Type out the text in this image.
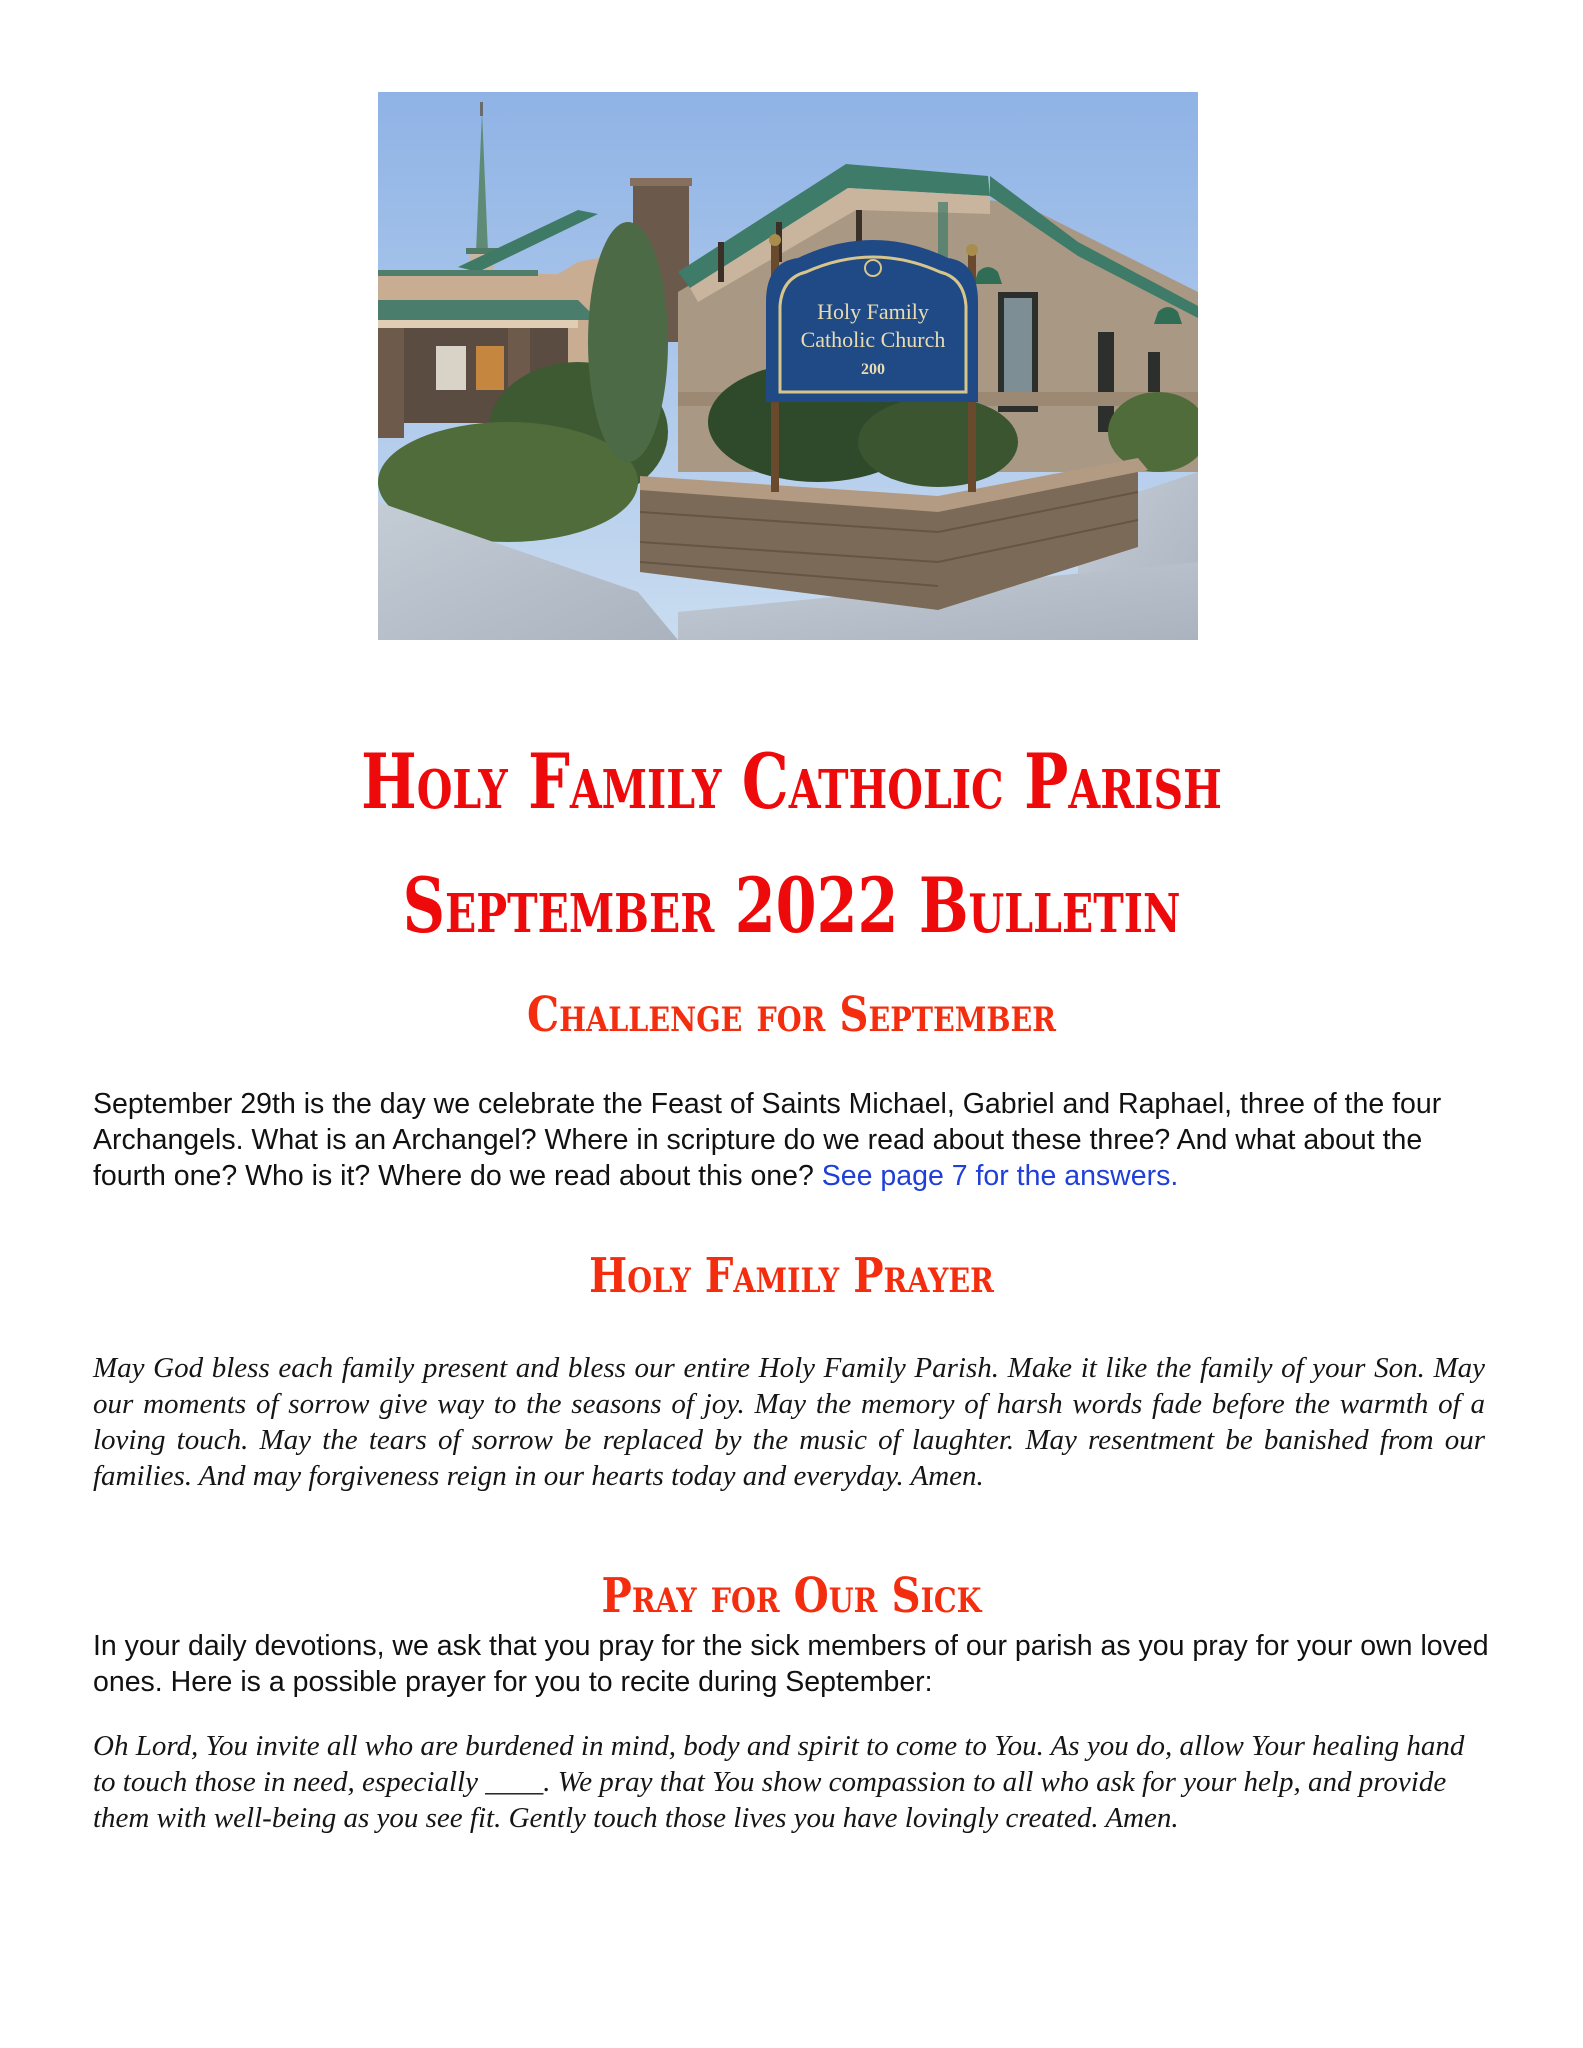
Holy Family
Catholic Church
200
Holy Family Catholic Parish
September 2022 Bulletin
Challenge for September

September 29th is the day we celebrate the Feast of Saints Michael, Gabriel and Raphael, three of the four Archangels. What is an Archangel? Where in scripture do we read about these three? And what about the fourth one? Who is it? Where do we read about this one? See page 7 for the answers.

Holy Family Prayer

May God bless each family present and bless our entire Holy Family Parish. Make it like the family of your Son. May our moments of sorrow give way to the seasons of joy. May the memory of harsh words fade before the warmth of a loving touch. May the tears of sorrow be replaced by the music of laughter. May resentment be banished from our families. And may forgiveness reign in our hearts today and everyday. Amen.

Pray for Our Sick

In your daily devotions, we ask that you pray for the sick members of our parish as you pray for your own loved ones. Here is a possible prayer for you to recite during September:

Oh Lord, You invite all who are burdened in mind, body and spirit to come to You. As you do, allow Your healing hand to touch those in need, especially ____. We pray that You show compassion to all who ask for your help, and provide them with well-being as you see fit. Gently touch those lives you have lovingly created. Amen.
